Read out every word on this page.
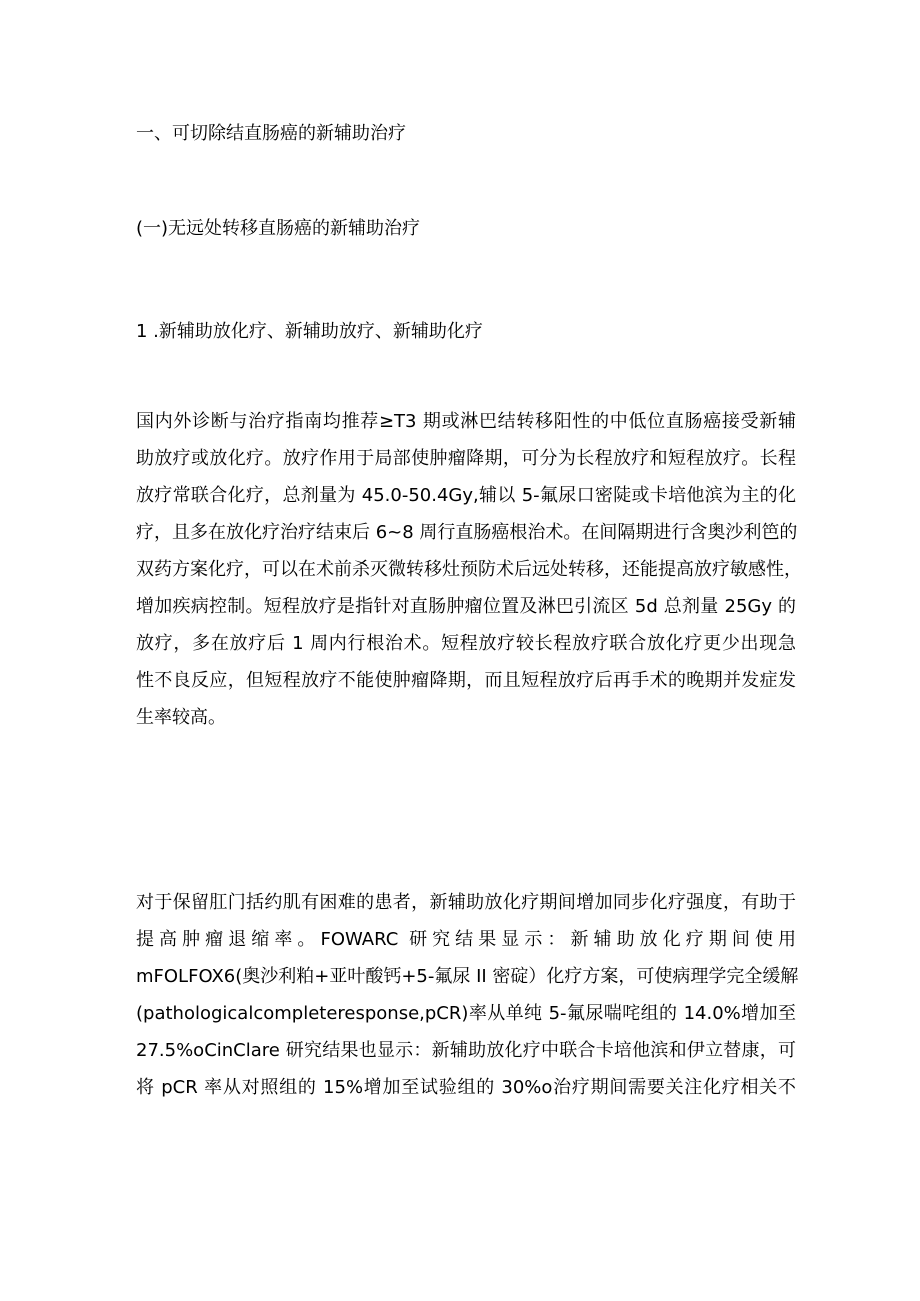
一、可切除结直肠癌的新辅助治疗
(一)无远处转移直肠癌的新辅助治疗
1 .新辅助放化疗、新辅助放疗、新辅助化疗
国内外诊断与治疗指南均推荐≥T3 期或淋巴结转移阳性的中低位直肠癌接受新辅
助放疗或放化疗。放疗作用于局部使肿瘤降期，可分为长程放疗和短程放疗。长程
放疗常联合化疗，总剂量为 45.0-50.4Gy,辅以 5-氟尿口密陡或卡培他滨为主的化
疗，且多在放化疗治疗结束后 6~8 周行直肠癌根治术。在间隔期进行含奥沙利笆的
双药方案化疗，可以在术前杀灭微转移灶预防术后远处转移，还能提高放疗敏感性，
增加疾病控制。短程放疗是指针对直肠肿瘤位置及淋巴引流区 5d 总剂量 25Gy 的
放疗，多在放疗后 1 周内行根治术。短程放疗较长程放疗联合放化疗更少出现急
性不良反应，但短程放疗不能使肿瘤降期，而且短程放疗后再手术的晚期并发症发
生率较高。
对于保留肛门括约肌有困难的患者，新辅助放化疗期间增加同步化疗强度，有助于
提高肿瘤退缩率。FOWARC 研究结果显示：新辅助放化疗期间使用
mFOLFOX6(奥沙利粕+亚叶酸钙+5-氟尿 II 密碇）化疗方案，可使病理学完全缓解
(pathologicalcompleteresponse,pCR)率从单纯 5-氟尿喘咤组的 14.0%增加至
27.5%oCinClare 研究结果也显示：新辅助放化疗中联合卡培他滨和伊立替康，可
将 pCR 率从对照组的 15%增加至试验组的 30%o治疗期间需要关注化疗相关不
